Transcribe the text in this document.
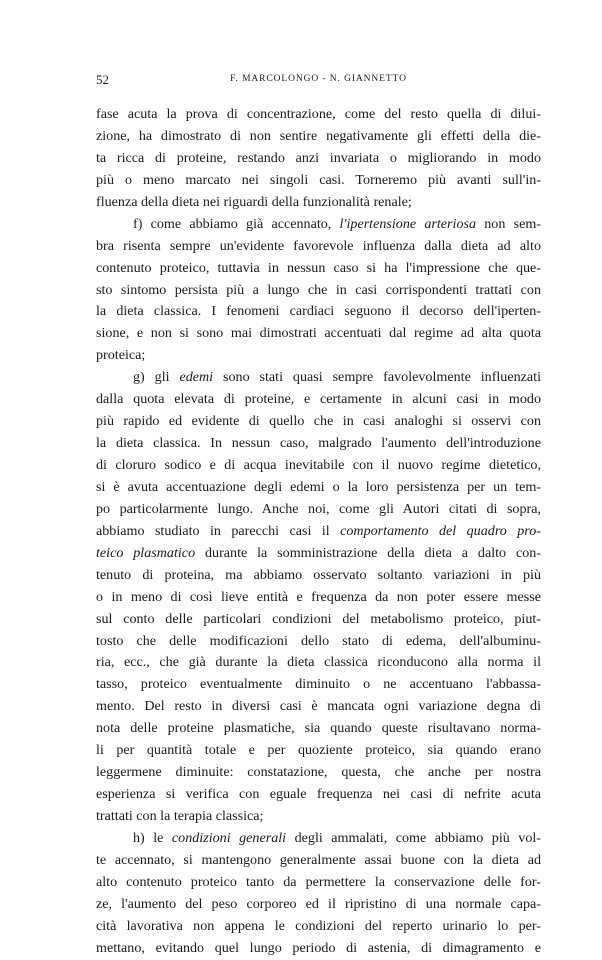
52	F. MARCOLONGO - N. GIANNETTO
fase acuta la prova di concentrazione, come del resto quella di dilui-
zione, ha dimostrato di non sentire negativamente gli effetti della die-
ta ricca di proteine, restando anzi invariata o migliorando in modo
più o meno marcato nei singoli casi. Torneremo più avanti sull'in-
fluenza della dieta nei riguardi della funzionalità renale;
f) come abbiamo già accennato, l'ipertensione arteriosa non sem-
bra risenta sempre un'evidente favorevole influenza dalla dieta ad alto
contenuto proteico, tuttavia in nessun caso si ha l'impressione che que-
sto sintomo persista più a lungo che in casi corrispondenti trattati con
la dieta classica. I fenomeni cardiaci seguono il decorso dell'iperten-
sione, e non si sono mai dimostrati accentuati dal regime ad alta quota
proteica;
g) gli edemi sono stati quasi sempre favolevolmente influenzati
dalla quota elevata di proteine, e certamente in alcuni casi in modo
più rapido ed evidente di quello che in casi analoghi si osservi con
la dieta classica. In nessun caso, malgrado l'aumento dell'introduzione
di cloruro sodico e di acqua inevitabile con il nuovo regime dietetico,
si è avuta accentuazione degli edemi o la loro persistenza per un tem-
po particolarmente lungo. Anche noi, come gli Autori citati di sopra,
abbiamo studiato in parecchi casi il comportamento del quadro pro-
teico plasmatico durante la somministrazione della dieta a dalto con-
tenuto di proteina, ma abbiamo osservato soltanto variazioni in più
o in meno di così lieve entità e frequenza da non poter essere messe
sul conto delle particolari condizioni del metabolismo proteico, piut-
tosto che delle modificazioni dello stato di edema, dell'albuminu-
ria, ecc., che già durante la dieta classica riconducono alla norma il
tasso, proteico eventualmente diminuito o ne accentuano l'abbassa-
mento. Del resto in diversi casi è mancata ogni variazione degna di
nota delle proteine plasmatiche, sia quando queste risultavano norma-
li per quantità totale e per quoziente proteico, sia quando erano
leggermene diminuite: constatazione, questa, che anche per nostra
esperienza si verifica con eguale frequenza nei casi di nefrite acuta
trattati con la terapia classica;
h) le condizioni generali degli ammalati, come abbiamo più vol-
te accennato, si mantengono generalmente assai buone con la dieta ad
alto contenuto proteico tanto da permettere la conservazione delle for-
ze, l'aumento del peso corporeo ed il ripristino di una normale capa-
cità lavorativa non appena le condizioni del reperto urinario lo per-
mettano, evitando quel lungo periodo di astenia, di dimagramento e
